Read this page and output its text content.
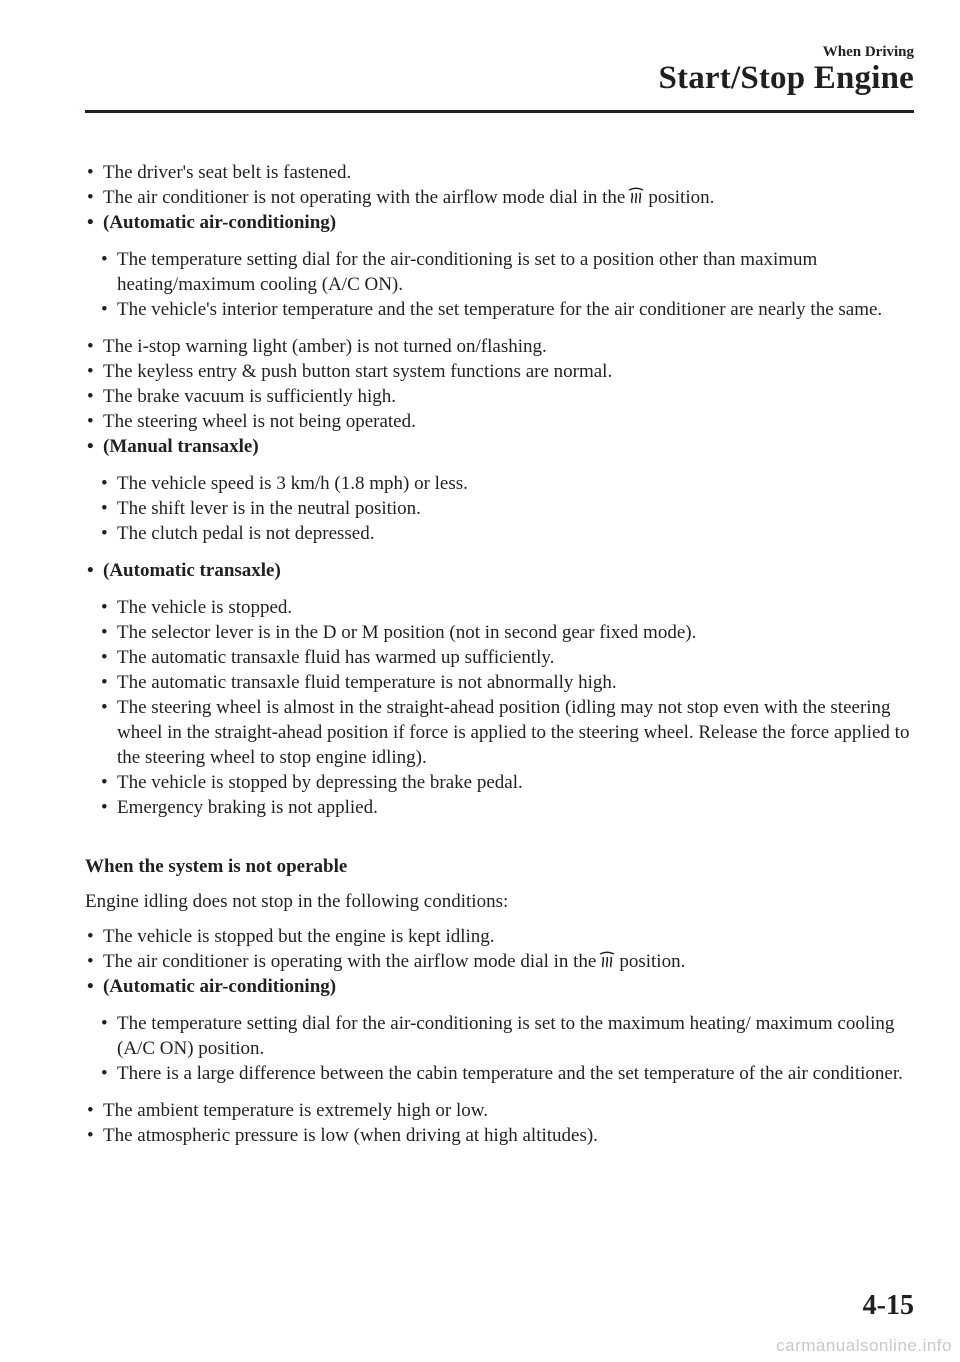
When Driving
Start/Stop Engine

• The driver's seat belt is fastened.

• The air conditioner is not operating with the airflow mode dial in the position.

• (Automatic air-conditioning)

• The temperature setting dial for the air-conditioning is set to a position other than maximum heating/maximum cooling (A/C ON).

• The vehicle's interior temperature and the set temperature for the air conditioner are nearly the same.

• The i-stop warning light (amber) is not turned on/flashing.

• The keyless entry & push button start system functions are normal.

• The brake vacuum is sufficiently high.

• The steering wheel is not being operated.

• (Manual transaxle)

• The vehicle speed is 3 km/h (1.8 mph) or less.

• The shift lever is in the neutral position.

• The clutch pedal is not depressed.

• (Automatic transaxle)

• The vehicle is stopped.

• The selector lever is in the D or M position (not in second gear fixed mode).

• The automatic transaxle fluid has warmed up sufficiently.

• The automatic transaxle fluid temperature is not abnormally high.

• The steering wheel is almost in the straight-ahead position (idling may not stop even with the steering wheel in the straight-ahead position if force is applied to the steering wheel. Release the force applied to the steering wheel to stop engine idling).

• The vehicle is stopped by depressing the brake pedal.

• Emergency braking is not applied.

When the system is not operable

Engine idling does not stop in the following conditions:

• The vehicle is stopped but the engine is kept idling.

• The air conditioner is operating with the airflow mode dial in the position.

• (Automatic air-conditioning)

• The temperature setting dial for the air-conditioning is set to the maximum heating/ maximum cooling (A/C ON) position.

• There is a large difference between the cabin temperature and the set temperature of the air conditioner.

• The ambient temperature is extremely high or low.

• The atmospheric pressure is low (when driving at high altitudes).

4-15
carmanualsonline.info
